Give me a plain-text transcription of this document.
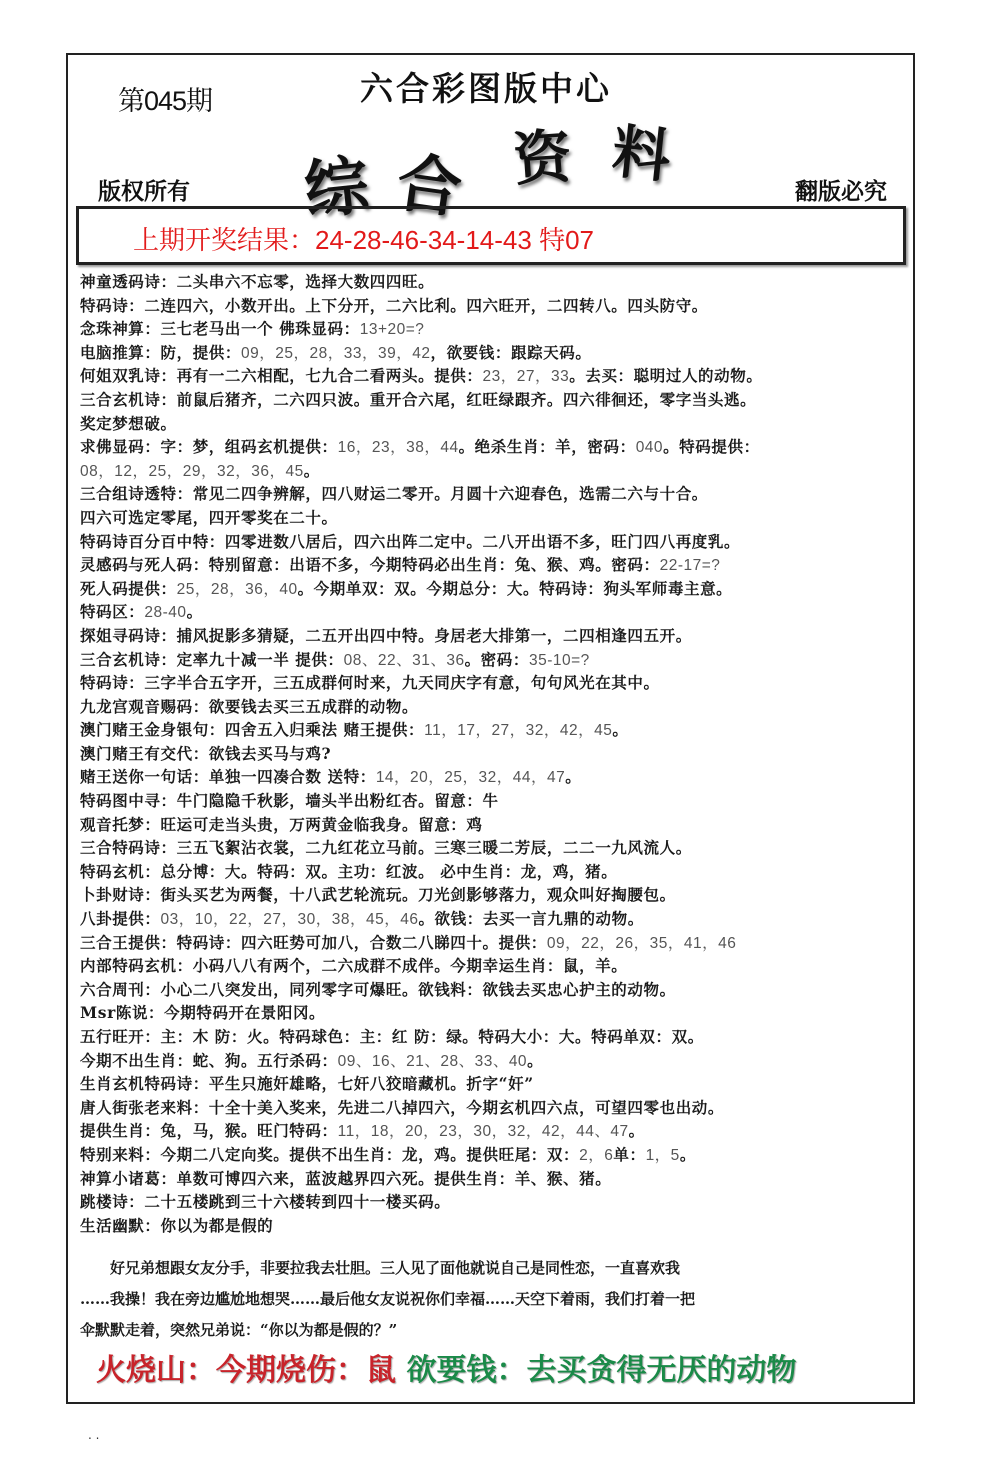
第045期	六合彩图版中心
综 合 资 料
版权所有	翻版必究
上期开奖结果：24-28-46-34-14-43 特07
神童透码诗：二头串六不忘零，选择大数四四旺。
特码诗：二连四六，小数开出。上下分开，二六比利。四六旺开，二四转八。四头防守。
念珠神算：三七老马出一个 佛珠显码：13+20=?
电脑推算：防，提供：09，25，28，33，39，42，欲要钱：跟踪天码。
何姐双乳诗：再有一二六相配，七九合二看两头。提供：23，27，33。去买：聪明过人的动物。
三合玄机诗：前鼠后猪齐，二六四只波。重开合六尾，红旺绿跟齐。四六徘徊还，零字当头逃。
奖定梦想破。
求佛显码：字：梦，组码玄机提供：16，23，38，44。绝杀生肖：羊，密码：040。特码提供：
08，12，25，29，32，36，45。
三合组诗透特：常见二四争辨解，四八财运二零开。月圆十六迎春色，选需二六与十合。
四六可选定零尾，四开零奖在二十。
特码诗百分百中特：四零进数八居后，四六出阵二定中。二八开出语不多，旺门四八再度乳。
灵感码与死人码：特别留意：出语不多，今期特码必出生肖：兔、猴、鸡。密码：22-17=?
死人码提供：25，28，36，40。今期单双：双。今期总分：大。特码诗：狗头军师毒主意。
特码区：28-40。
探姐寻码诗：捕风捉影多猜疑，二五开出四中特。身居老大排第一，二四相逢四五开。
三合玄机诗：定率九十减一半 提供：08、22、31、36。密码：35-10=?
特码诗：三字半合五字开，三五成群何时来，九天同庆字有意，句句风光在其中。
九龙宫观音赐码：欲要钱去买三五成群的动物。
澳门赌王金身银句：四舍五入归乘法 赌王提供：11，17，27，32，42，45。
澳门赌王有交代：欲钱去买马与鸡?
赌王送你一句话：单独一四凑合数 送特：14，20，25，32，44，47。
特码图中寻：牛门隐隐千秋影，墙头半出粉红杏。留意：牛
观音托梦：旺运可走当头贵，万两黄金临我身。留意：鸡
三合特码诗：三五飞絮沾衣裳，二九红花立马前。三寒三暖二芳辰，二二一九风流人。
特码玄机：总分博：大。特码：双。主功：红波。 必中生肖：龙，鸡，猪。
卜卦财诗：街头买艺为两餐，十八武艺轮流玩。刀光剑影够落力，观众叫好掏腰包。
八卦提供：03，10，22，27，30，38，45，46。欲钱：去买一言九鼎的动物。
三合王提供：特码诗：四六旺势可加八，合数二八睇四十。提供：09，22，26，35，41，46
内部特码玄机：小码八八有两个，二六成群不成伴。今期幸运生肖：鼠，羊。
六合周刊：小心二八突发出，同列零字可爆旺。欲钱料：欲钱去买忠心护主的动物。
Msr陈说：今期特码开在景阳冈。
五行旺开：主：木 防：火。特码球色：主：红 防：绿。特码大小：大。特码单双：双。
今期不出生肖：蛇、狗。五行杀码：09、16、21、28、33、40。
生肖玄机特码诗：平生只施奸雄略，七奸八狡暗藏机。折字“奸”
唐人街张老来料：十全十美入奖来，先进二八掉四六，今期玄机四六点，可望四零也出动。
提供生肖：兔，马，猴。旺门特码：11，18，20，23，30，32，42，44、47。
特别来料：今期二八定向奖。提供不出生肖：龙，鸡。提供旺尾：双：2，6单：1，5。
神算小诸葛：单数可博四六来，蓝波越界四六死。提供生肖：羊、猴、猪。
跳楼诗：二十五楼跳到三十六楼转到四十一楼买码。
生活幽默：你以为都是假的
　　好兄弟想跟女友分手，非要拉我去壮胆。三人见了面他就说自己是同性恋，一直喜欢我
……我操！我在旁边尴尬地想哭……最后他女友说祝你们幸福……天空下着雨，我们打着一把
伞默默走着，突然兄弟说：“你以为都是假的？”
火烧山：今期烧伤：鼠 欲要钱：去买贪得无厌的动物
. .
